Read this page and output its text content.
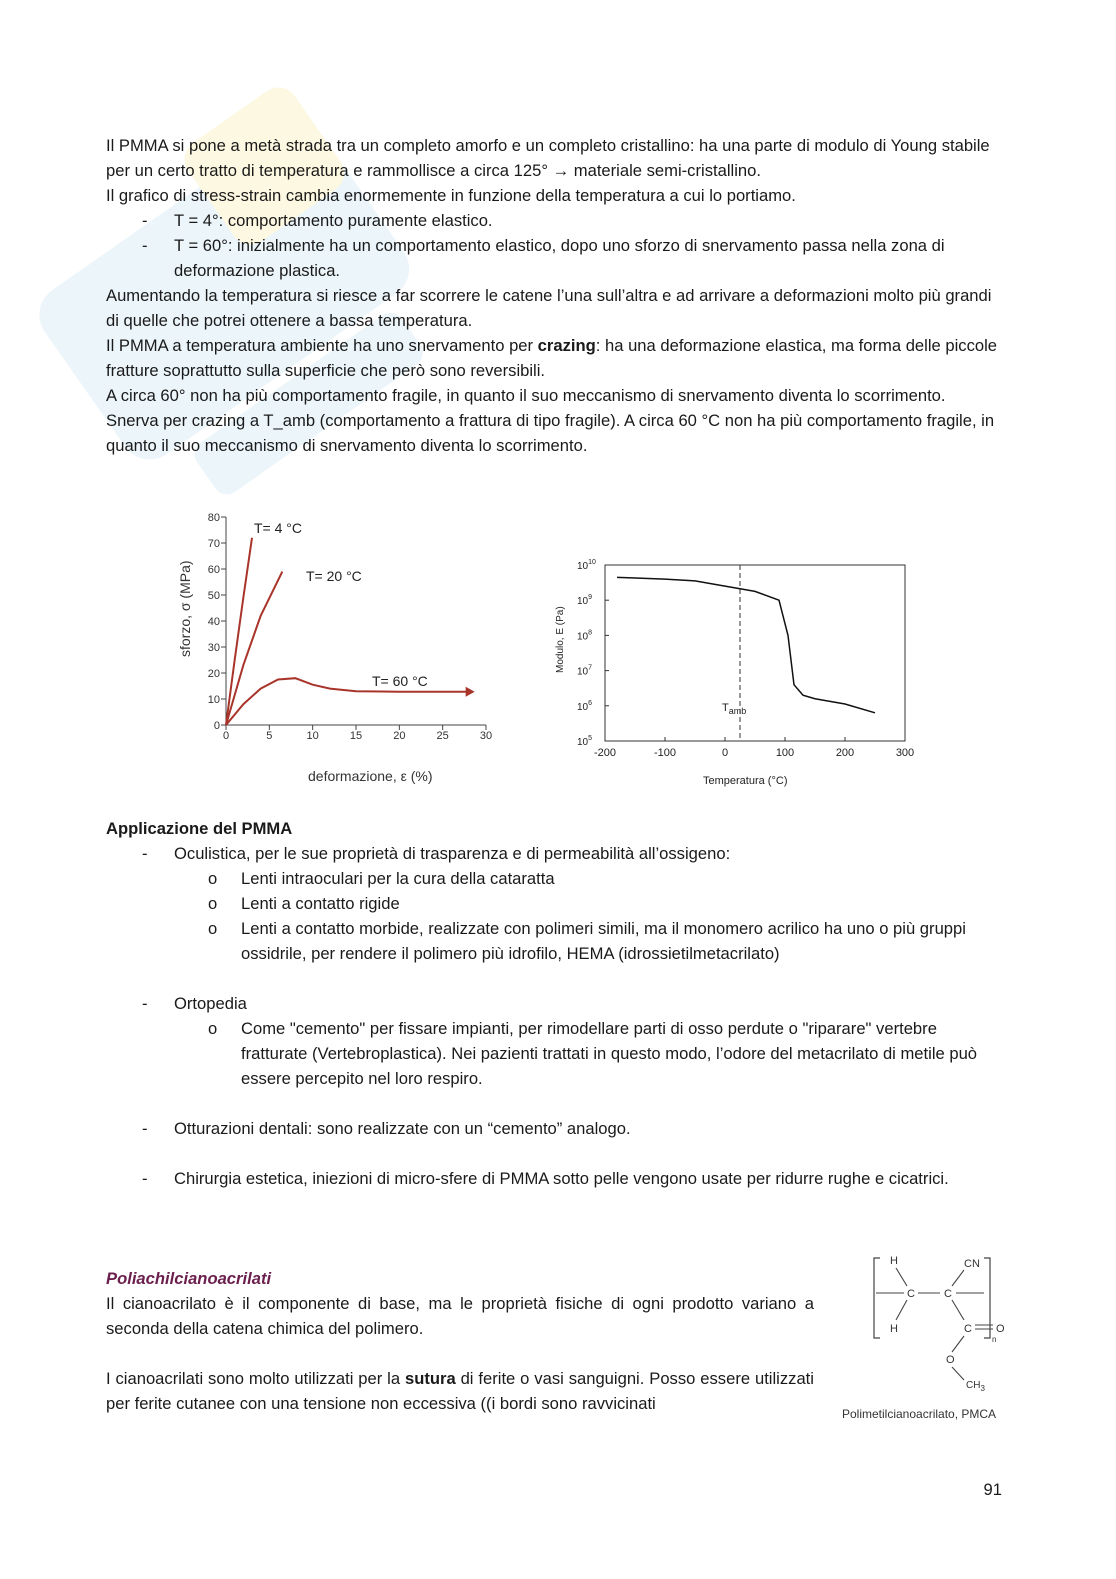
Il PMMA si pone a metà strada tra un completo amorfo e un completo cristallino: ha una parte di modulo di Young stabile per un certo tratto di temperatura e rammollisce a circa 125° → materiale semi-cristallino.

Il grafico di stress-strain cambia enormemente in funzione della temperatura a cui lo portiamo.

- T = 4°: comportamento puramente elastico.

- T = 60°: inizialmente ha un comportamento elastico, dopo uno sforzo di snervamento passa nella zona di deformazione plastica.

Aumentando la temperatura si riesce a far scorrere le catene l’una sull’altra e ad arrivare a deformazioni molto più grandi di quelle che potrei ottenere a bassa temperatura.

Il PMMA a temperatura ambiente ha uno snervamento per crazing: ha una deformazione elastica, ma forma delle piccole fratture soprattutto sulla superficie che però sono reversibili.

A circa 60° non ha più comportamento fragile, in quanto il suo meccanismo di snervamento diventa lo scorrimento.

Snerva per crazing a T_amb (comportamento a frattura di tipo fragile). A circa 60 °C non ha più comportamento fragile, in quanto il suo meccanismo di snervamento diventa lo scorrimento.

0	5	10	15	20	25	30
0
10
20
30
40
50
60
70
80
T= 4 °C
T= 20 °C
T= 60 °C
deformazione, ε (%)
sforzo, σ (MPa)
-200	-100	0	100	200	300
$10^5$
$10^6$
$10^7$
$10^8$
$10^9$
$10^{10}$
$T_{amb}$
Temperatura (°C)
Modulo, E (Pa)

Applicazione del PMMA

- Oculistica, per le sue proprietà di trasparenza e di permeabilità all’ossigeno:

o Lenti intraoculari per la cura della cataratta

o Lenti a contatto rigide

o Lenti a contatto morbide, realizzate con polimeri simili, ma il monomero acrilico ha uno o più gruppi ossidrile, per rendere il polimero più idrofilo, HEMA (idrossietilmetacrilato)

- Ortopedia

o Come "cemento" per fissare impianti, per rimodellare parti di osso perdute o "riparare" vertebre fratturate (Vertebroplastica). Nei pazienti trattati in questo modo, l’odore del metacrilato di metile può essere percepito nel loro respiro.

- Otturazioni dentali: sono realizzate con un “cemento” analogo.

- Chirurgia estetica, iniezioni di micro-sfere di PMMA sotto pelle vengono usate per ridurre rughe e cicatrici.

Poliachilcianoacrilati

Il cianoacrilato è il componente di base, ma le proprietà fisiche di ogni prodotto variano a seconda della catena chimica del polimero.

I cianoacrilati sono molto utilizzati per la sutura di ferite o vasi sanguigni. Posso essere utilizzati per ferite cutanee con una tensione non eccessiva ((i bordi sono ravvicinati

H	CN
C	C
H	C O
O
$CH_3$
n
Polimetilcianoacrilato, PMCA
91
